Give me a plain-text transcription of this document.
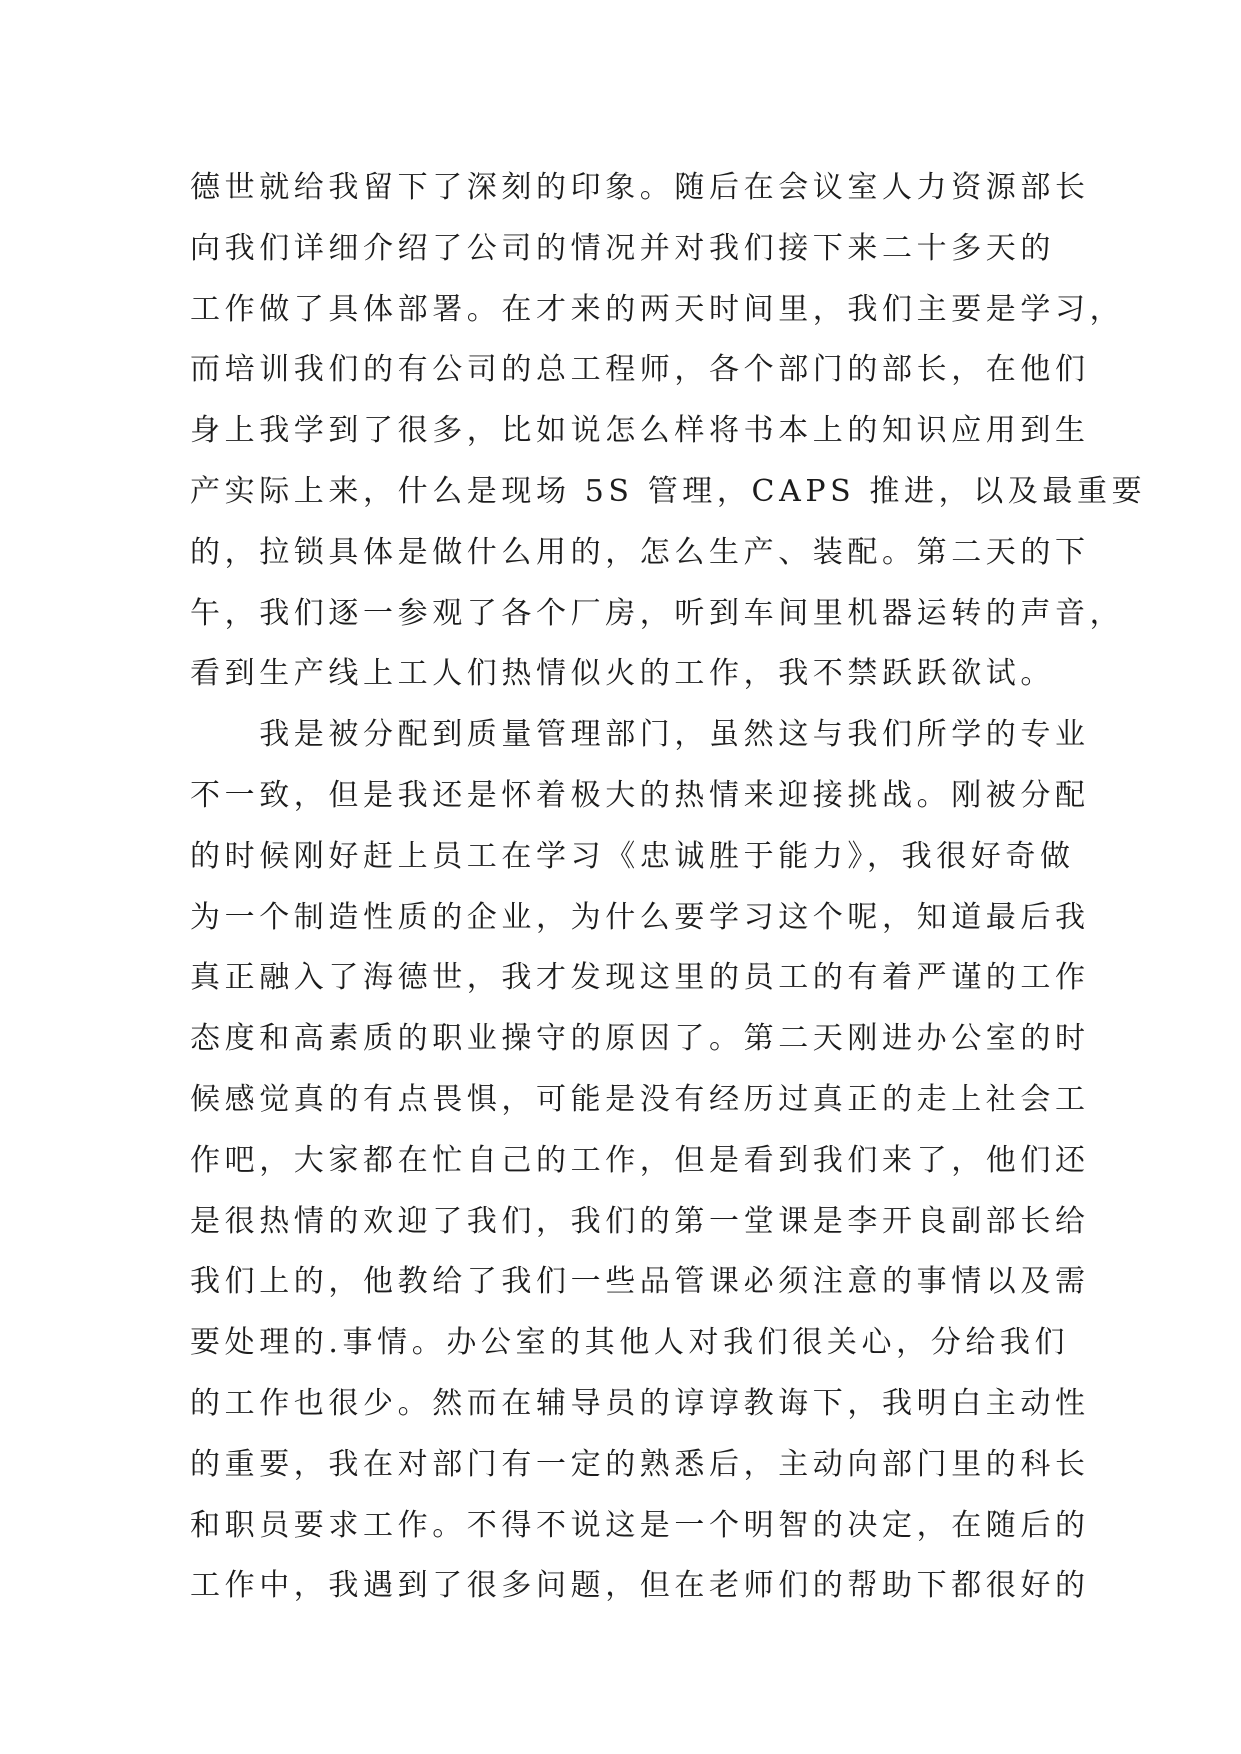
德世就给我留下了深刻的印象。随后在会议室人力资源部长
向我们详细介绍了公司的情况并对我们接下来二十多天的
工作做了具体部署。在才来的两天时间里，我们主要是学习，
而培训我们的有公司的总工程师，各个部门的部长，在他们
身上我学到了很多，比如说怎么样将书本上的知识应用到生
产实际上来，什么是现场 5S 管理，CAPS 推进，以及最重要
的，拉锁具体是做什么用的，怎么生产、装配。第二天的下
午，我们逐一参观了各个厂房，听到车间里机器运转的声音，
看到生产线上工人们热情似火的工作，我不禁跃跃欲试。
　　我是被分配到质量管理部门，虽然这与我们所学的专业
不一致，但是我还是怀着极大的热情来迎接挑战。刚被分配
的时候刚好赶上员工在学习《忠诚胜于能力》，我很好奇做
为一个制造性质的企业，为什么要学习这个呢，知道最后我
真正融入了海德世，我才发现这里的员工的有着严谨的工作
态度和高素质的职业操守的原因了。第二天刚进办公室的时
候感觉真的有点畏惧，可能是没有经历过真正的走上社会工
作吧，大家都在忙自己的工作，但是看到我们来了，他们还
是很热情的欢迎了我们，我们的第一堂课是李开良副部长给
我们上的，他教给了我们一些品管课必须注意的事情以及需
要处理的.事情。办公室的其他人对我们很关心，分给我们
的工作也很少。然而在辅导员的谆谆教诲下，我明白主动性
的重要，我在对部门有一定的熟悉后，主动向部门里的科长
和职员要求工作。不得不说这是一个明智的决定，在随后的
工作中，我遇到了很多问题，但在老师们的帮助下都很好的
